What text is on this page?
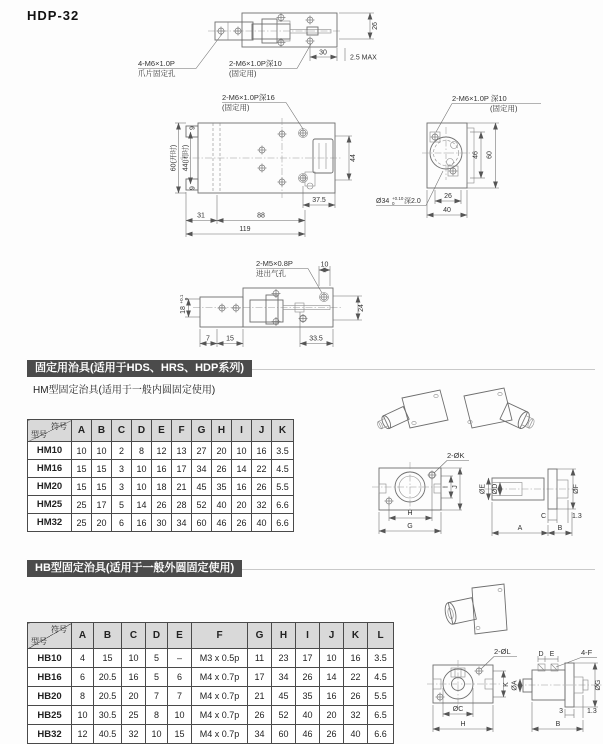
HDP-32
26
30
2.5 MAX
4-M6×1.0P
爪片固定孔
2-M6×1.0P深10
(固定用)
2-M6×1.0P深16
(固定用)
60(开时) 44(闭时)
9
9
44
37.5
31	88
119
2-M6×1.0P 深10
(固定用)
46 60
26
40
Ø34 +0.10
0 深2.0
2-M5×0.8P
进出气孔
10
18
+0.1 0
24
7 15	33.5
2-ØK
H
G
I J	ØE ØD	ØF
C	1.3
A	B
2-ØL
K
ØC
H
D E	4-F
ØA	ØG
3	1.3
B
固定用治具(适用于HDS、HRS、HDP系列)
HM型固定治具(适用于一般内圆固定使用)
符号
型号	A	B	C	D	E	F	G	H	I	J	K
HM10	10	10	2	8	12	13	27	20	10	16	3.5
HM16	15	15	3	10	16	17	34	26	14	22	4.5
HM20	15	15	3	10	18	21	45	35	16	26	5.5
HM25	25	17	5	14	26	28	52	40	20	32	6.6
HM32	25	20	6	16	30	34	60	46	26	40	6.6
HB型固定治具(适用于一般外圆固定使用)
符号
型号	A	B	C	D	E	F	G	H	I	J	K	L
HB10	4	15	10	5	–	M3 x 0.5p	11	23	17	10	16	3.5
HB16	6	20.5	16	5	6	M4 x 0.7p	17	34	26	14	22	4.5
HB20	8	20.5	20	7	7	M4 x 0.7p	21	45	35	16	26	5.5
HB25	10	30.5	25	8	10	M4 x 0.7p	26	52	40	20	32	6.5
HB32	12	40.5	32	10	15	M4 x 0.7p	34	60	46	26	40	6.6
